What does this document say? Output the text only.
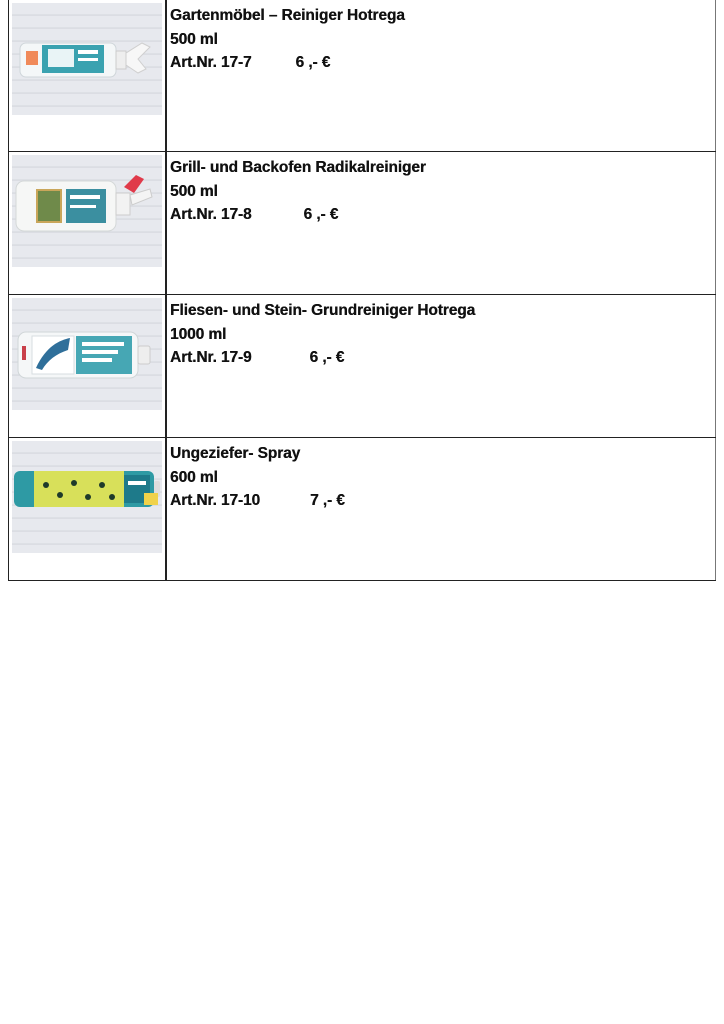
Gartenmöbel – Reiniger Hotrega
500 ml
Art.Nr. 17-7 6 ,- €

Grill- und Backofen Radikalreiniger
500 ml
Art.Nr. 17-8 6 ,- €

Fliesen- und Stein- Grundreiniger Hotrega
1000 ml
Art.Nr. 17-9 6 ,- €

Ungeziefer- Spray
600 ml
Art.Nr. 17-10 7 ,- €
